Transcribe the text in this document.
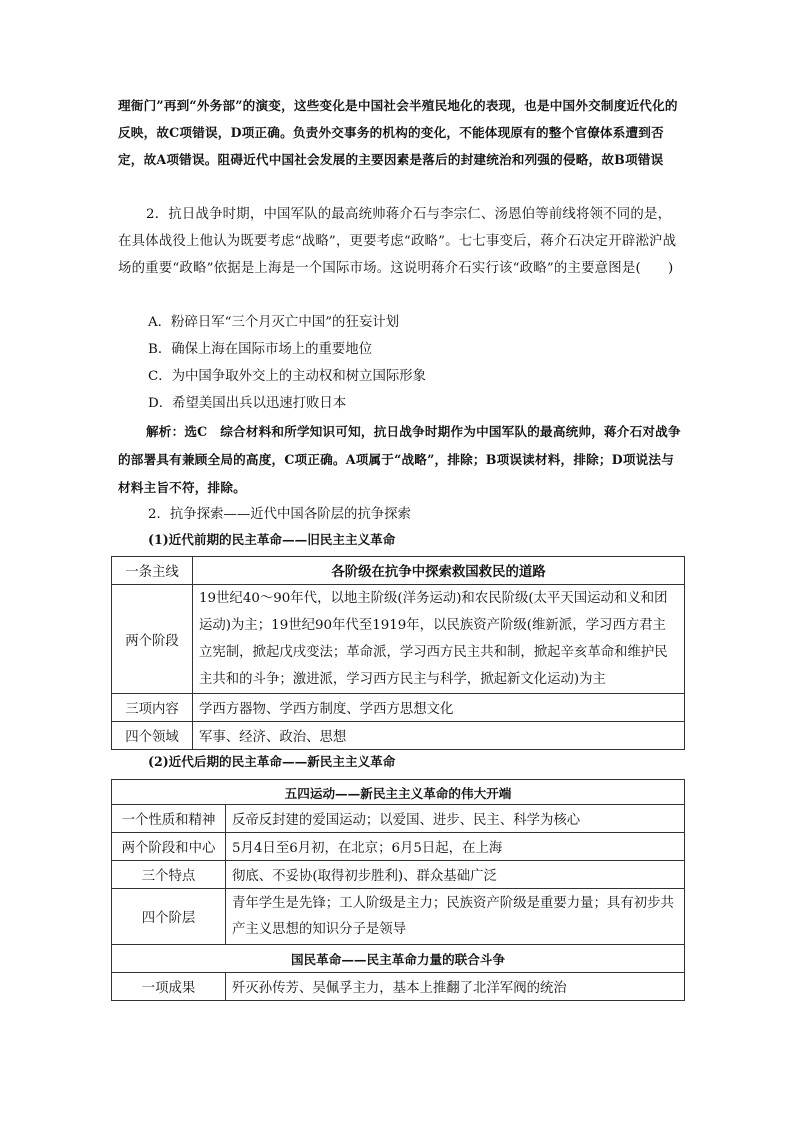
理衙门”再到“外务部”的演变，这些变化是中国社会半殖民地化的表现，也是中国外交制度近代化的反映，故C项错误，D项正确。负责外交事务的机构的变化，不能体现原有的整个官僚体系遭到否定，故A项错误。阻碍近代中国社会发展的主要因素是落后的封建统治和列强的侵略，故B项错误
2．抗日战争时期，中国军队的最高统帅蒋介石与李宗仁、汤恩伯等前线将领不同的是，在具体战役上他认为既要考虑“战略”，更要考虑“政略”。七七事变后，蒋介石决定开辟淞沪战场的重要“政略”依据是上海是一个国际市场。这说明蒋介石实行该“政略”的主要意图是(　　)
A．粉碎日军“三个月灭亡中国”的狂妄计划
B．确保上海在国际市场上的重要地位
C．为中国争取外交上的主动权和树立国际形象
D．希望美国出兵以迅速打败日本
解析：选C　综合材料和所学知识可知，抗日战争时期作为中国军队的最高统帅，蒋介石对战争的部署具有兼顾全局的高度，C项正确。A项属于“战略”，排除；B项误读材料，排除；D项说法与材料主旨不符，排除。
2．抗争探索——近代中国各阶层的抗争探索
(1)近代前期的民主革命——旧民主主义革命
一条主线	各阶级在抗争中探索救国救民的道路
两个阶段	19世纪40～90年代，以地主阶级(洋务运动)和农民阶级(太平天国运动和义和团运动)为主；19世纪90年代至1919年，以民族资产阶级(维新派，学习西方君主立宪制，掀起戊戌变法；革命派，学习西方民主共和制，掀起辛亥革命和维护民主共和的斗争；激进派，学习西方民主与科学，掀起新文化运动)为主
三项内容	学西方器物、学西方制度、学西方思想文化
四个领域	军事、经济、政治、思想
(2)近代后期的民主革命——新民主主义革命
五四运动——新民主主义革命的伟大开端	
一个性质和精神	反帝反封建的爱国运动；以爱国、进步、民主、科学为核心
两个阶段和中心	5月4日至6月初，在北京；6月5日起，在上海
三个特点	彻底、不妥协(取得初步胜利)、群众基础广泛
四个阶层	青年学生是先锋；工人阶级是主力；民族资产阶级是重要力量；具有初步共产主义思想的知识分子是领导
国民革命——民主革命力量的联合斗争	
一项成果	歼灭孙传芳、吴佩孚主力，基本上推翻了北洋军阀的统治
